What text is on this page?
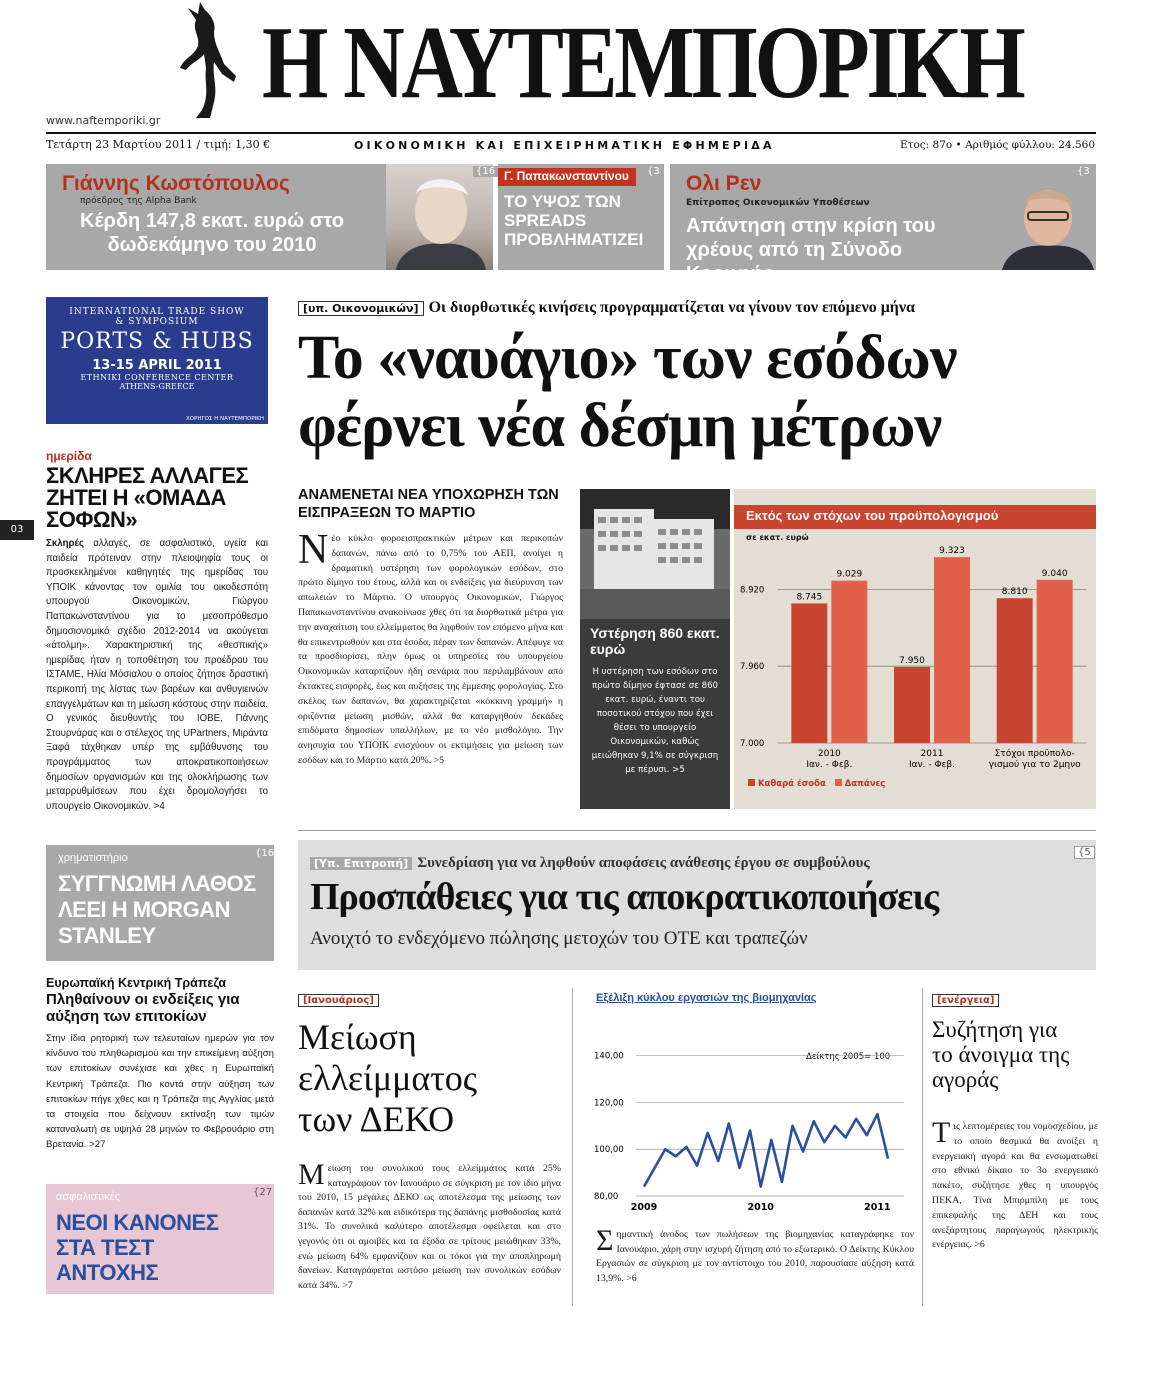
Η ΝΑΥΤΕΜΠΟΡΙΚΗ
www.naftemporiki.gr
Τετάρτη 23 Μαρτίου 2011 / τιμή: 1,30 €	ΟΙΚΟΝΟΜΙΚΗ ΚΑΙ ΕΠΙΧΕΙΡΗΜΑΤΙΚΗ ΕΦΗΜΕΡΙΔΑ	Ετος: 87ο • Αριθμός φύλλου: 24.560
Γιάννης Κωστόπουλος
πρόεδρος της Alpha Bank
Κέρδη 147,8 εκατ. ευρώ στο δωδεκάμηνο του 2010
{16 Γ. Παπακωνσταντίνου	{3
ΤΟ ΥΨΟΣ ΤΩΝ SPREADS ΠΡΟΒΛΗΜΑΤΙΖΕΙ
Ολι Ρεν
Επίτροπος Οικονομικών Υποθέσεων
Απάντηση στην κρίση του χρέους από τη Σύνοδο Κορυφής
{3
INTERNATIONAL TRADE SHOW
& SYMPOSIUM
PORTS & HUBS
13-15 APRIL 2011
ETHNIKI CONFERENCE CENTER
ATHENS-GREECE
ΧΟΡΗΓΟΣ Η ΝΑΥΤΕΜΠΟΡΙΚΗ
03
ημερίδα
ΣΚΛΗΡΕΣ ΑΛΛΑΓΕΣ ΖΗΤΕΙ Η «ΟΜΑΔΑ ΣΟΦΩΝ»
Σκληρές αλλαγές, σε ασφαλιστικό, υγεία και παιδεία πρότειναν στην πλειοψηφία τους οι προσκεκλημένοι καθηγητές της ημερίδας του ΥΠΟΙΚ κάνοντας τον ομιλία του οικοδεσπότη υπουργού Οικονομικών, Γιώργου Παπακωνσταντίνου για το μεσοπρόθεσμο δημοσιονομικό σχέδιο 2012-2014 να ακούγεται «άτολμη». Χαρακτηριστική της «θεσπικής» ημερίδας ήταν η τοποθέτηση του προέδρου του ΙΣΤΑΜΕ, Ηλία Μόσιαλου ο οποίος ζήτησε δραστική περικοπή της λίστας των βαρέων και ανθυγιεινών επαγγελμάτων και τη μείωση κόστους στην παιδεία. Ο γενικός διευθυντής του ΙΟΒΕ, Γιάννης Στουρνάρας και ο στέλεχος της UPartners, Μιράντα Ξαφά τάχθηκαν υπέρ της εμβάθυνσης του προγράμματος των αποκρατικοποιήσεων δημοσίων οργανισμών και της ολοκλήρωσης των μεταρρυθμίσεων που έχει δρομολογήσει το υπουργείο Οικονομικών. >4
χρηματιστήριο	{16
ΣΥΓΓΝΩΜΗ ΛΑΘΟΣ ΛΕΕΙ Η MORGAN STANLEY
Ευρωπαϊκή Κεντρική Τράπεζα
Πληθαίνουν οι ενδείξεις για αύξηση των επιτοκίων
Στην ίδια ρητορική των τελευταίων ημερών για τον κίνδυνο του πληθωρισμού και την επικείμενη αύξηση των επιτοκίων συνέχισε και χθες η Ευρωπαϊκή Κεντρική Τράπεζα. Πιο κοντά στην αύξηση των επιτοκίων πήγε χθες και η Τράπεζα της Αγγλίας μετά τα στοιχεία που δείχνουν εκτίναξη των τιμών καταναλωτή σε υψηλά 28 μηνών το Φεβρουάριο στη Βρετανία. >27
ασφαλιστικές	{27
ΝΕΟΙ ΚΑΝΟΝΕΣ ΣΤΑ ΤΕΣΤ ΑΝΤΟΧΗΣ
[υπ. Οικονομικών] Οι διορθωτικές κινήσεις προγραμματίζεται να γίνουν τον επόμενο μήνα
Το «ναυάγιο» των εσόδων
φέρνει νέα δέσμη μέτρων
ΑΝΑΜΕΝΕΤΑΙ ΝΕΑ ΥΠΟΧΩΡΗΣΗ ΤΩΝ ΕΙΣΠΡΑΞΕΩΝ ΤΟ ΜΑΡΤΙΟ
Νέο κύκλο φοροεισπρακτικών μέτρων και περικοπών δαπανών, πάνω από το 0,75% του ΑΕΠ, ανοίγει η δραματική υστέρηση των φορολογικών εσόδων, στο πρώτο δίμηνο του έτους, αλλά και οι ενδείξεις για διεύρυνση των απωλειών το Μάρτιο. Ο υπουργός Οικονομικών, Γιώργος Παπακωνσταντίνου ανακοίνωσε χθες ότι τα διορθωτικά μέτρα για την αναχαίτιση του ελλείμματος θα ληφθούν τον επόμενο μήνα και θα επικεντρωθούν και στα έσοδα, πέραν των δαπανών. Απέφυγε να τα προσδιορίσει, πλην όμως οι υπηρεσίες του υπουργείου Οικονομικών καταρτίζουν ήδη σενάρια που περιλαμβάνουν από έκτακτες εισφορές, έως και αυξήσεις της έμμεσης φορολογίας. Στο σκέλος των δαπανών, θα χαρακτηρίζεται «κόκκινη γραμμή» η οριζόντια μείωση μισθών, αλλά θα καταργηθούν δεκάδες επιδόματα δημοσίων υπαλλήλων, με το νέο μισθολόγιο. Την ανησυχία του ΥΠΟΙΚ ενισχύουν οι εκτιμήσεις για μείωση των εσόδων και το Μάρτιο κατά 20%. >5
Υστέρηση 860 εκατ. ευρώ
Η υστέρηση των εσόδων στο πρώτο δίμηνο έφτασε σε 860 εκατ. ευρώ, έναντι του ποσοτικού στόχου που έχει θέσει το υπουργείο Οικονομικών, καθώς μειώθηκαν 9,1% σε σύγκριση με πέρυσι. >5
Εκτός των στόχων του προϋπολογισμού
σε εκατ. ευρώ
7.000
7.960
8.920
8.745
9.029
2010
Ιαν. - Φεβ.
7.950
9.323
2011
Ιαν. - Φεβ.
8.810
9.040
Στόχοι προϋπολο-
γισμού για το 2μηνο
Καθαρά έσοδα Δαπάνες
[Υπ. Επιτροπή] Συνεδρίαση για να ληφθούν αποφάσεις ανάθεσης έργου σε συμβούλους
{5
Προσπάθειες για τις αποκρατικοποιήσεις
Ανοιχτό το ενδεχόμενο πώλησης μετοχών του ΟΤΕ και τραπεζών
[Ιανουάριος]
Μείωση ελλείμματος των ΔΕΚΟ
Μείωση του συνολικού τους ελλείμματος κατά 25% καταγράφουν τον Ιανουάριο σε σύγκριση με τον ίδιο μήνα του 2010, 15 μεγάλες ΔΕΚΟ ως αποτέλεσμα της μείωσης των δαπανών κατά 32% και ειδικότερα της δαπάνης μισθοδοσίας κατά 31%. Το συνολικά καλύτερο αποτέλεσμα οφείλεται και στο γεγονός ότι οι αμοιβές και τα έξοδα σε τρίτους μειώθηκαν 33%, ενώ μείωση 64% εμφανίζουν και οι τόκοι για την αποπληρωμή δανείων. Καταγράφεται ωστόσο μείωση των συνολικών εσόδων κατά 34%. >7
Εξέλιξη κύκλου εργασιών της βιομηχανίας
Δείκτης 2005= 100
80,00
100,00
120,00
140,00
2009	2010	2011
Σημαντική άνοδος των πωλήσεων της βιομηχανίας καταγράφηκε τον Ιανουάριο, χάρη στην ισχυρή ζήτηση από το εξωτερικό. Ο Δείκτης Κύκλου Εργασιών σε σύγκριση με τον αντίστοιχο του 2010, παρουσίασε αύξηση κατά 13,9%. >6
[ενέργεια]
Συζήτηση για το άνοιγμα της αγοράς
Τις λεπτομέρειες του νομοσχεδίου, με το οποίο θεσμικά θα ανοίξει η ενεργειακή αγορά και θα ενσωματωθεί στο εθνικό δίκαιο το 3ο ενεργειακό πακέτο, συζήτησε χθες η υπουργός ΠΕΚΑ, Τίνα Μπιρμπίλη με τους επικεφαλής της ΔΕΗ και τους ανεξάρτητους παραγωγούς ηλεκτρικής ενέργειας. >6
